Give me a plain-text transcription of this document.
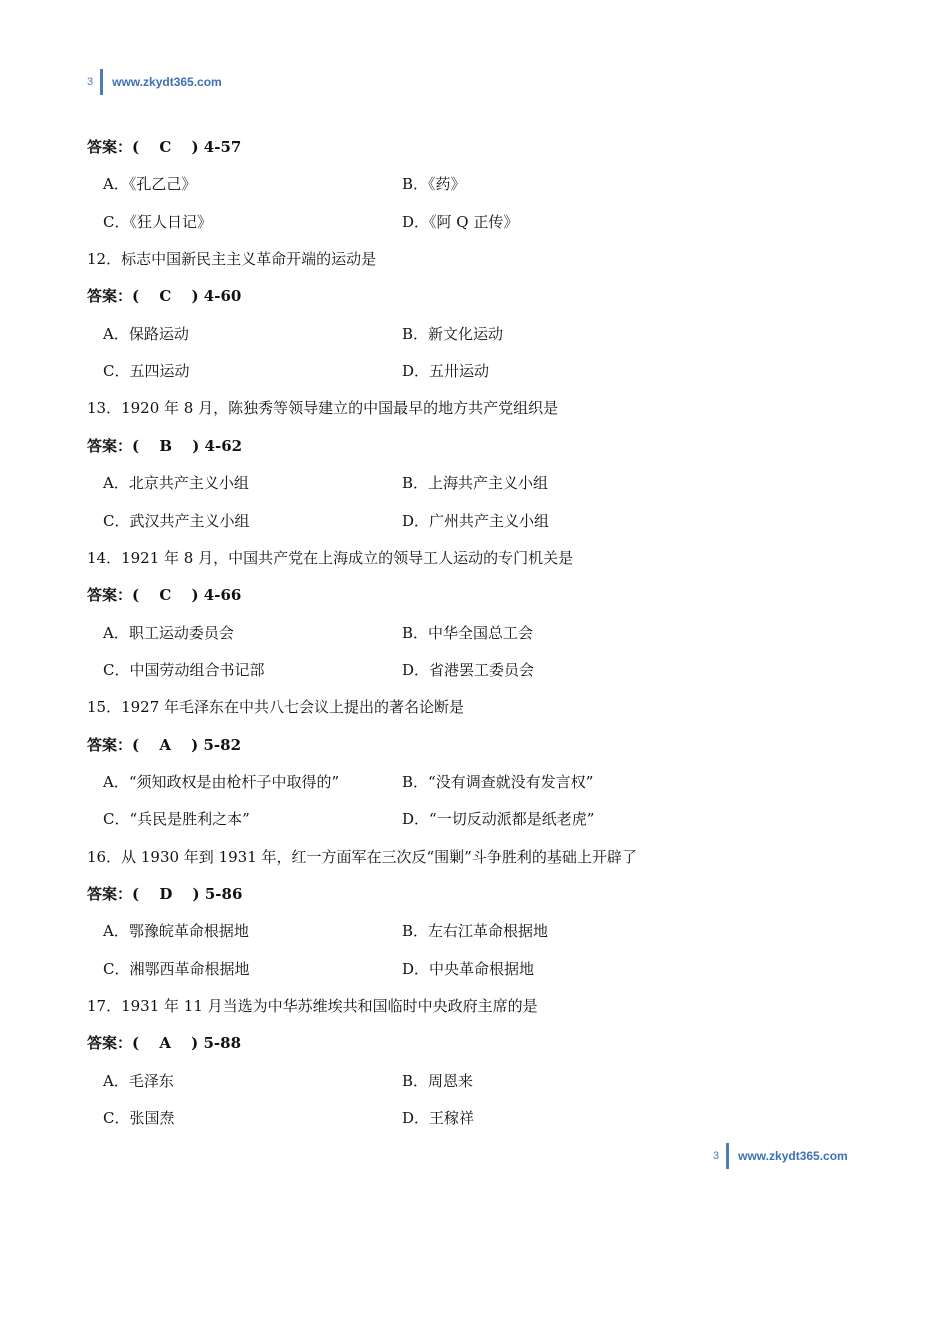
3 www.zkydt365.com
答案：(　 C　 ) 4-57
A．《孔乙己》	B．《药》
C．《狂人日记》	D．《阿 Q 正传》
12．标志中国新民主主义革命开端的运动是
答案：(　 C　 ) 4-60
A．保路运动	B．新文化运动
C．五四运动	D．五卅运动
13．1920 年 8 月，陈独秀等领导建立的中国最早的地方共产党组织是
答案：(　 B　 ) 4-62
A．北京共产主义小组	B．上海共产主义小组
C．武汉共产主义小组	D．广州共产主义小组
14．1921 年 8 月，中国共产党在上海成立的领导工人运动的专门机关是
答案：(　 C　 ) 4-66
A．职工运动委员会	B．中华全国总工会
C．中国劳动组合书记部	D．省港罢工委员会
15．1927 年毛泽东在中共八七会议上提出的著名论断是
答案：(　 A　 ) 5-82
A．“须知政权是由枪杆子中取得的”	B．“没有调查就没有发言权”
C．“兵民是胜利之本”	D．“一切反动派都是纸老虎”
16．从 1930 年到 1931 年，红一方面军在三次反“围剿”斗争胜利的基础上开辟了
答案：(　 D　 ) 5-86
A．鄂豫皖革命根据地	B．左右江革命根据地
C．湘鄂西革命根据地	D．中央革命根据地
17．1931 年 11 月当选为中华苏维埃共和国临时中央政府主席的是
答案：(　 A　 ) 5-88
A．毛泽东	B．周恩来
C．张国焘	D．王稼祥
3 www.zkydt365.com
